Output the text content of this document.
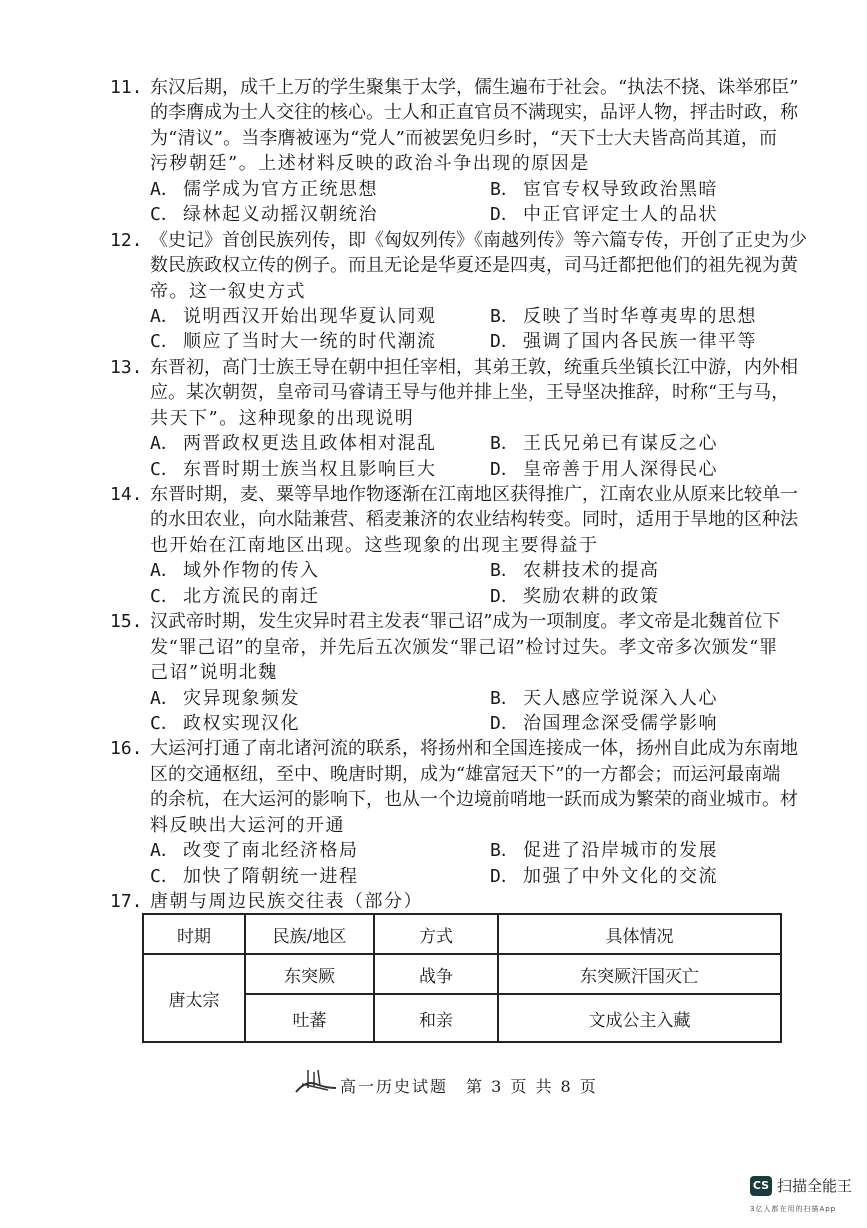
11. 东汉后期，成千上万的学生聚集于太学，儒生遍布于社会。“执法不挠、诛举邪臣”
的李膺成为士人交往的核心。士人和正直官员不满现实，品评人物，抨击时政，称
为“清议”。当李膺被诬为“党人”而被罢免归乡时，“天下士大夫皆高尚其道，而
污秽朝廷”。上述材料反映的政治斗争出现的原因是
A． 儒学成为官方正统思想	B． 宦官专权导致政治黑暗
C． 绿林起义动摇汉朝统治	D． 中正官评定士人的品状
12. 《史记》首创民族列传，即《匈奴列传》《南越列传》等六篇专传，开创了正史为少
数民族政权立传的例子。而且无论是华夏还是四夷，司马迁都把他们的祖先视为黄
帝。这一叙史方式
A． 说明西汉开始出现华夏认同观	B． 反映了当时华尊夷卑的思想
C． 顺应了当时大一统的时代潮流	D． 强调了国内各民族一律平等
13. 东晋初，高门士族王导在朝中担任宰相，其弟王敦，统重兵坐镇长江中游，内外相
应。某次朝贺，皇帝司马睿请王导与他并排上坐，王导坚决推辞，时称“王与马，
共天下”。这种现象的出现说明
A． 两晋政权更迭且政体相对混乱	B． 王氏兄弟已有谋反之心
C． 东晋时期士族当权且影响巨大	D． 皇帝善于用人深得民心
14. 东晋时期，麦、粟等旱地作物逐渐在江南地区获得推广，江南农业从原来比较单一
的水田农业，向水陆兼营、稻麦兼济的农业结构转变。同时，适用于旱地的区种法
也开始在江南地区出现。这些现象的出现主要得益于
A． 域外作物的传入	B． 农耕技术的提高
C． 北方流民的南迁	D． 奖励农耕的政策
15. 汉武帝时期，发生灾异时君主发表“罪己诏”成为一项制度。孝文帝是北魏首位下
发“罪己诏”的皇帝，并先后五次颁发“罪己诏”检讨过失。孝文帝多次颁发“罪
己诏”说明北魏
A． 灾异现象频发	B． 天人感应学说深入人心
C． 政权实现汉化	D． 治国理念深受儒学影响
16. 大运河打通了南北诸河流的联系，将扬州和全国连接成一体，扬州自此成为东南地
区的交通枢纽，至中、晚唐时期，成为“雄富冠天下”的一方都会；而运河最南端
的余杭，在大运河的影响下，也从一个边境前哨地一跃而成为繁荣的商业城市。材
料反映出大运河的开通
A． 改变了南北经济格局	B． 促进了沿岸城市的发展
C． 加快了隋朝统一进程	D． 加强了中外文化的交流
17. 唐朝与周边民族交往表（部分）
时期	民族/地区	方式	具体情况
唐太宗	东突厥	战争	东突厥汗国灭亡
	吐蕃	和亲	文成公主入藏
高一历史试题　第 3 页 共 8 页
CS 扫描全能王
3亿人都在用的扫描App
